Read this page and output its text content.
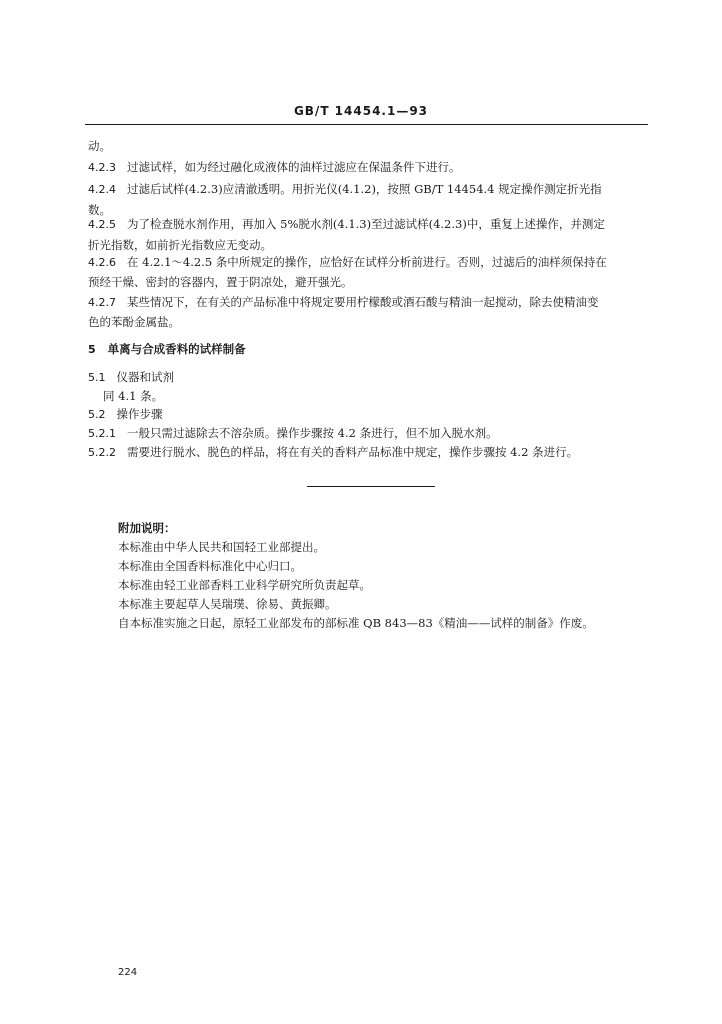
GB/T 14454.1—93
动。
4.2.3 过滤试样，如为经过融化成液体的油样过滤应在保温条件下进行。
4.2.4 过滤后试样(4.2.3)应清澈透明。用折光仪(4.1.2)，按照 GB/T 14454.4 规定操作测定折光指
数。
4.2.5 为了检查脱水剂作用，再加入 5%脱水剂(4.1.3)至过滤试样(4.2.3)中，重复上述操作，并测定
折光指数，如前折光指数应无变动。
4.2.6 在 4.2.1～4.2.5 条中所规定的操作，应恰好在试样分析前进行。否则，过滤后的油样须保持在
预经干燥、密封的容器内，置于阴凉处，避开强光。
4.2.7 某些情况下，在有关的产品标准中将规定要用柠檬酸或酒石酸与精油一起搅动，除去使精油变
色的苯酚金属盐。
5 单离与合成香料的试样制备
5.1 仪器和试剂
同 4.1 条。
5.2 操作步骤
5.2.1 一般只需过滤除去不溶杂质。操作步骤按 4.2 条进行，但不加入脱水剂。
5.2.2 需要进行脱水、脱色的样品，将在有关的香料产品标准中规定，操作步骤按 4.2 条进行。
附加说明：
本标准由中华人民共和国轻工业部提出。
本标准由全国香料标准化中心归口。
本标准由轻工业部香料工业科学研究所负责起草。
本标准主要起草人吴瑞璞、徐易、黄振卿。
自本标准实施之日起，原轻工业部发布的部标准 QB 843—83《精油——试样的制备》作废。
224
